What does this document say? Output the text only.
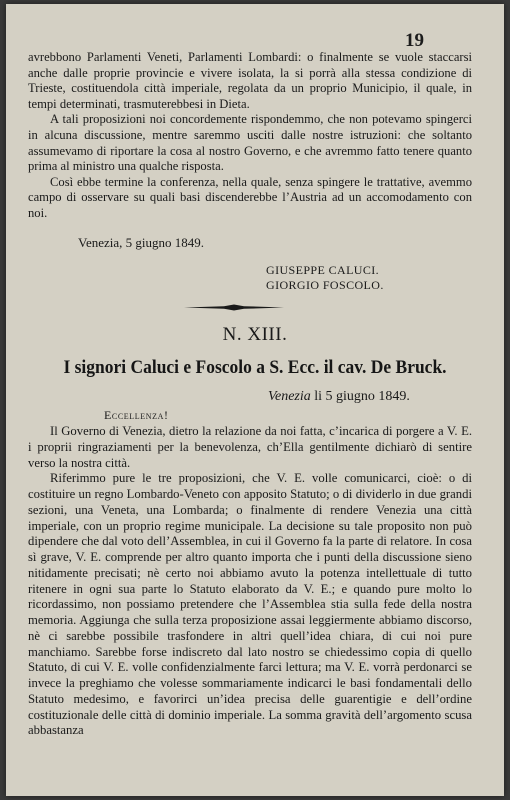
19

avrebbono Parlamenti Veneti, Parlamenti Lombardi: o finalmente se vuole staccarsi anche dalle proprie provincie e vivere isolata, la si porrà alla stessa condizione di Trieste, costituendola città imperiale, regolata da un proprio Municipio, il quale, in tempi determinati, trasmuterebbesi in Dieta.

A tali proposizioni noi concordemente rispondemmo, che non potevamo spingerci in alcuna discussione, mentre saremmo usciti dalle nostre istruzioni: che soltanto assumevamo di riportare la cosa al nostro Governo, e che avremmo fatto tenere quanto prima al ministro una qualche risposta.

Così ebbe termine la conferenza, nella quale, senza spingere le trattative, avemmo campo di osservare su quali basi discenderebbe l’Austria ad un accomodamento con noi.

Venezia, 5 giugno 1849.
GIUSEPPE CALUCI.
GIORGIO FOSCOLO.
N. XIII.
I signori Caluci e Foscolo a S. Ecc. il cav. De Bruck.
Venezia li 5 giugno 1849.
Eccellenza!

Il Governo di Venezia, dietro la relazione da noi fatta, c’incarica di porgere a V. E. i proprii ringraziamenti per la benevolenza, ch’Ella gentilmente dichiarò di sentire verso la nostra città.

Riferimmo pure le tre proposizioni, che V. E. volle comunicarci, cioè: o di costituire un regno Lombardo-Veneto con apposito Statuto; o di dividerlo in due grandi sezioni, una Veneta, una Lombarda; o finalmente di rendere Venezia una città imperiale, con un proprio regime municipale. La decisione su tale proposito non può dipendere che dal voto dell’Assemblea, in cui il Governo fa la parte di relatore. In cosa sì grave, V. E. comprende per altro quanto importa che i punti della discussione sieno nitidamente precisati; nè certo noi abbiamo avuto la potenza intellettuale di tutto ritenere in ogni sua parte lo Statuto elaborato da V. E.; e quando pure molto lo ricordassimo, non possiamo pretendere che l’Assemblea stia sulla fede della nostra memoria. Aggiunga che sulla terza proposizione assai leggiermente abbiamo discorso, nè ci sarebbe possibile trasfondere in altri quell’idea chiara, di cui noi pure manchiamo. Sarebbe forse indiscreto dal lato nostro se chiedessimo copia di quello Statuto, di cui V. E. volle confidenzialmente farci lettura; ma V. E. vorrà perdonarci se invece la preghiamo che volesse sommariamente indicarci le basi fondamentali dello Statuto medesimo, e favorirci un’idea precisa delle guarentigie e dell’ordine costituzionale delle città di dominio imperiale. La somma gravità dell’argomento scusa abbastanza
